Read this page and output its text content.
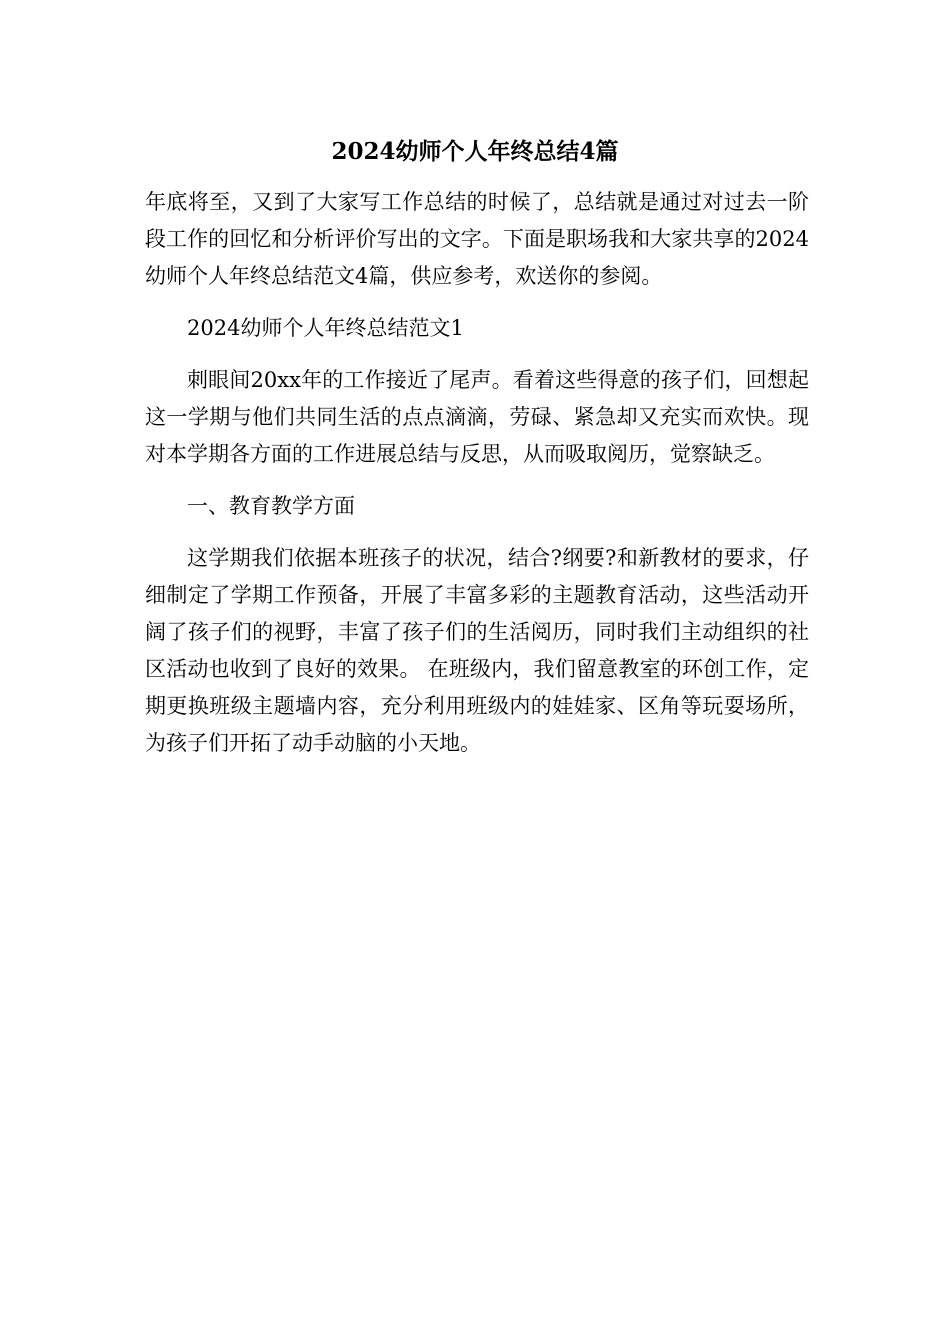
2024幼师个人年终总结4篇

年底将至，又到了大家写工作总结的时候了，总结就是通过对过去一阶段工作的回忆和分析评价写出的文字。下面是职场我和大家共享的2024幼师个人年终总结范文4篇，供应参考，欢送你的参阅。

2024幼师个人年终总结范文1

刺眼间20xx年的工作接近了尾声。看着这些得意的孩子们，回想起这一学期与他们共同生活的点点滴滴，劳碌、紧急却又充实而欢快。现对本学期各方面的工作进展总结与反思，从而吸取阅历，觉察缺乏。

一、教育教学方面

这学期我们依据本班孩子的状况，结合?纲要?和新教材的要求，仔细制定了学期工作预备，开展了丰富多彩的主题教育活动，这些活动开阔了孩子们的视野，丰富了孩子们的生活阅历，同时我们主动组织的社区活动也收到了良好的效果。 在班级内，我们留意教室的环创工作，定期更换班级主题墙内容，充分利用班级内的娃娃家、区角等玩耍场所，为孩子们开拓了动手动脑的小天地。
